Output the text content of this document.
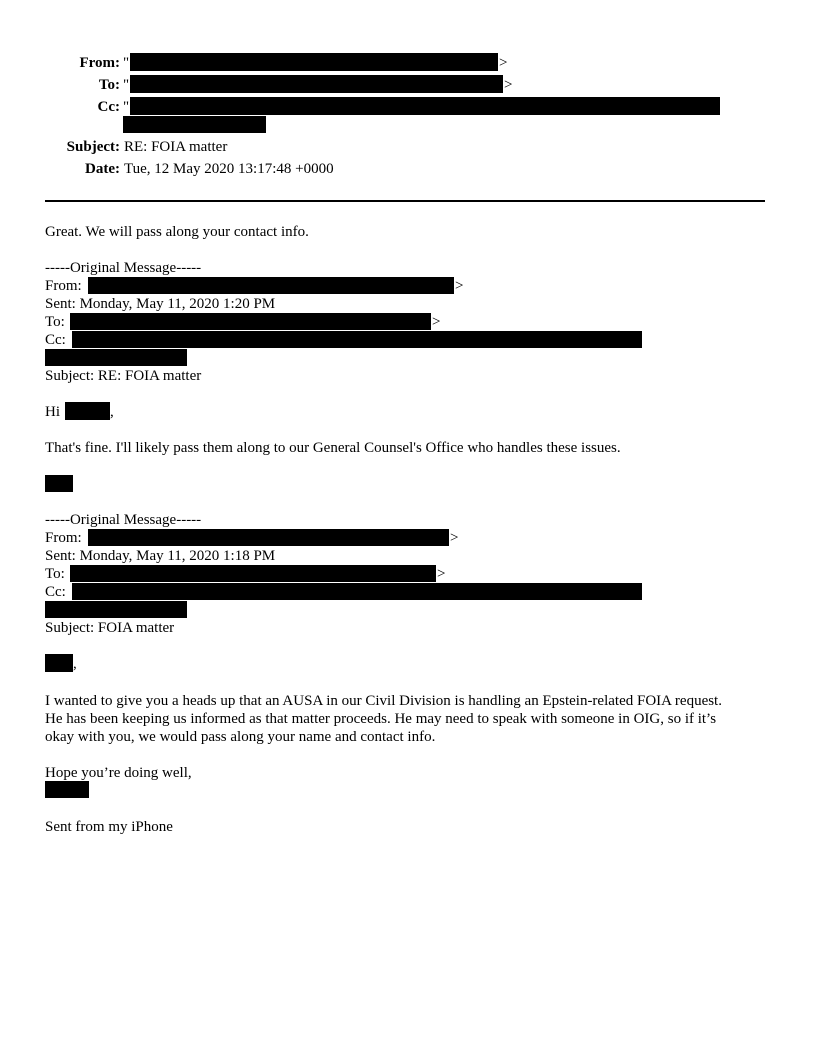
From: "	>
To: "	>
Cc: "
Subject: RE: FOIA matter
Date: Tue, 12 May 2020 13:17:48 +0000
Great. We will pass along your contact info.
-----Original Message-----
From:	>
Sent: Monday, May 11, 2020 1:20 PM
To:	>
Cc:
Subject: RE: FOIA matter
Hi	,
That's fine. I'll likely pass them along to our General Counsel's Office who handles these issues.
-----Original Message-----
From:	>
Sent: Monday, May 11, 2020 1:18 PM
To:	>
Cc:
Subject: FOIA matter
,
I wanted to give you a heads up that an AUSA in our Civil Division is handling an Epstein-related FOIA request.
He has been keeping us informed as that matter proceeds. He may need to speak with someone in OIG, so if it’s
okay with you, we would pass along your name and contact info.
Hope you’re doing well,
Sent from my iPhone
